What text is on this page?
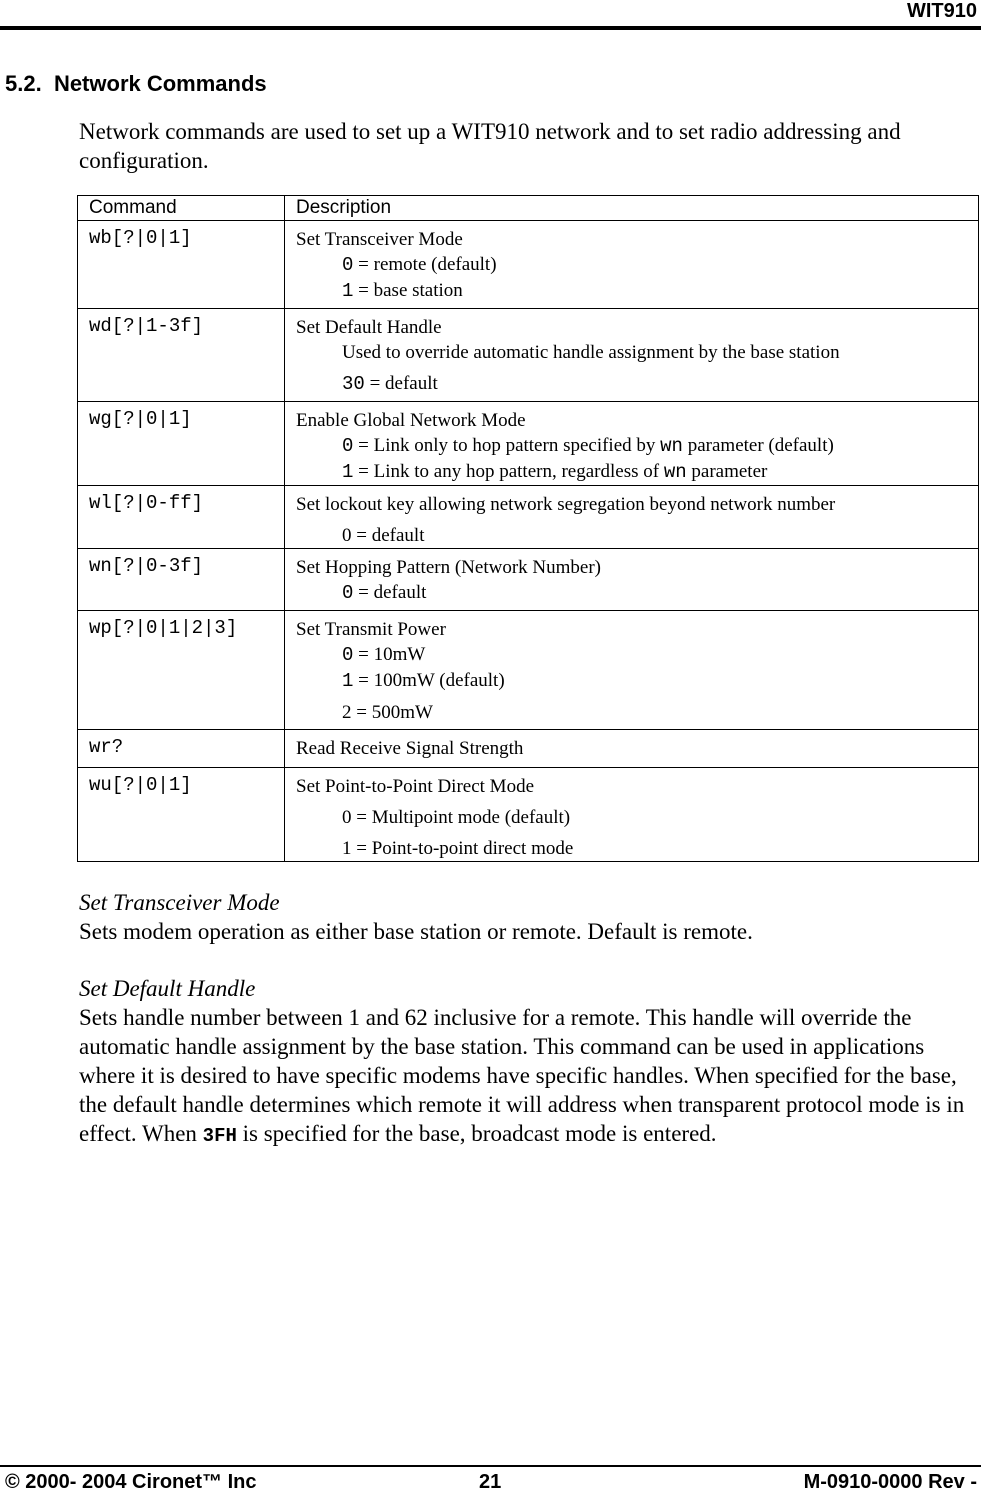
WIT910
5.2. Network Commands
Network commands are used to set up a WIT910 network and to set radio addressing and configuration.
Command	Description
wb[?|0|1]	Set Transceiver Mode
0 = remote (default)
1 = base station

wd[?|1-3f]	Set Default Handle
Used to override automatic handle assignment by the base station
30 = default

wg[?|0|1]	Enable Global Network Mode
0 = Link only to hop pattern specified by wn parameter (default)
1 = Link to any hop pattern, regardless of wn parameter

wl[?|0-ff]	Set lockout key allowing network segregation beyond network number
0 = default

wn[?|0-3f]	Set Hopping Pattern (Network Number)
0 = default

wp[?|0|1|2|3]	Set Transmit Power
0 = 10mW
1 = 100mW (default)
2 = 500mW

wr?	Read Receive Signal Strength

wu[?|0|1]	Set Point-to-Point Direct Mode
0 = Multipoint mode (default)
1 = Point-to-point direct mode
Set Transceiver Mode
Sets modem operation as either base station or remote. Default is remote.
Set Default Handle
Sets handle number between 1 and 62 inclusive for a remote. This handle will override the automatic handle assignment by the base station. This command can be used in applications where it is desired to have specific modems have specific handles. When specified for the base, the default handle determines which remote it will address when transparent protocol mode is in effect. When 3FH is specified for the base, broadcast mode is entered.
© 2000- 2004 Cironet™ Inc	21	M-0910-0000 Rev -
